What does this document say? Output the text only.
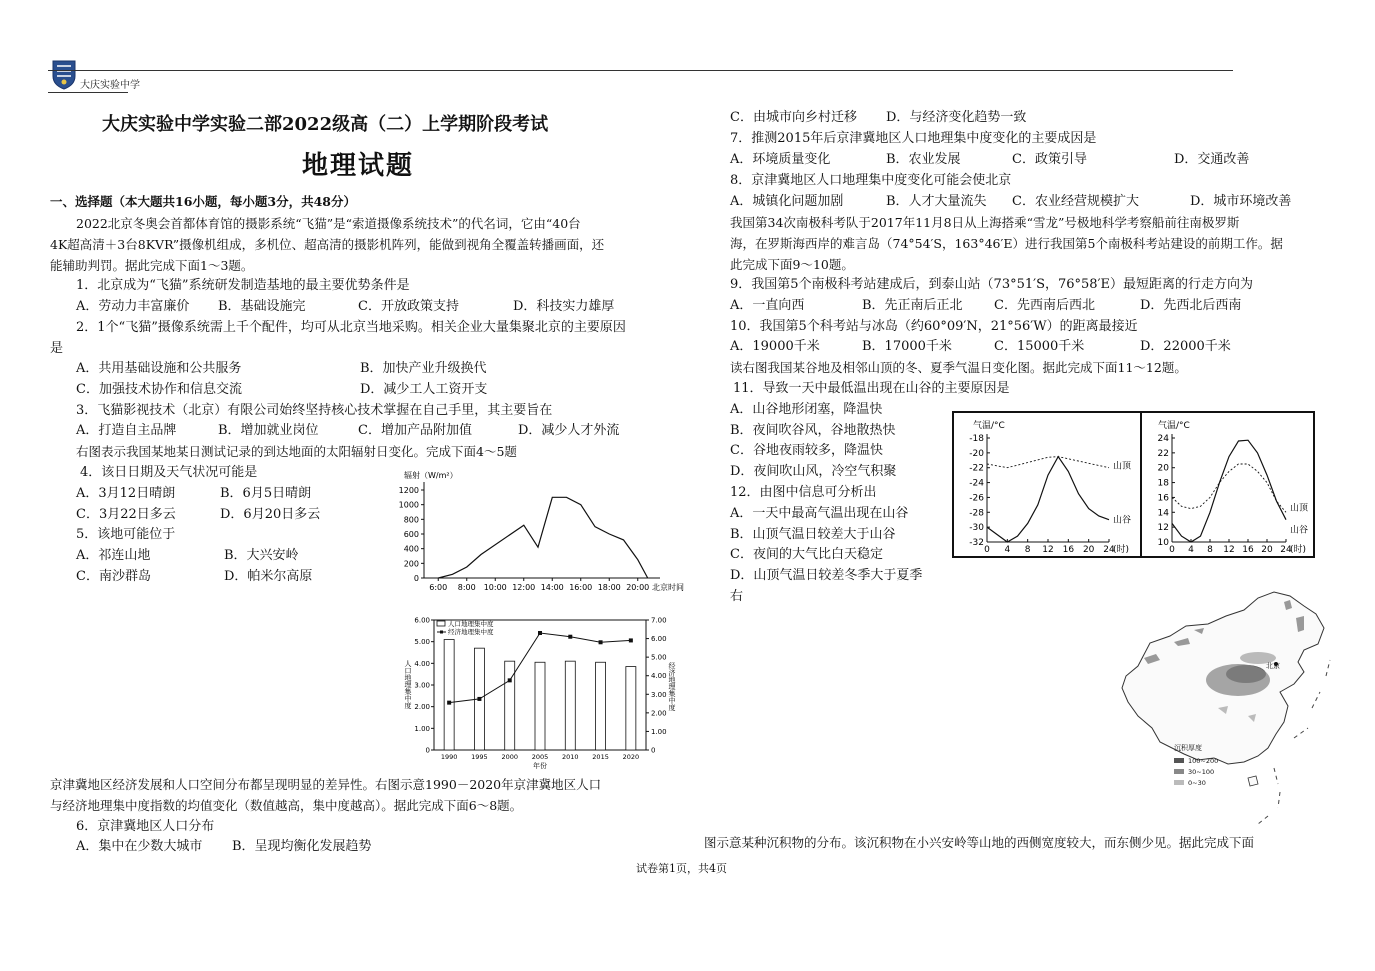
大庆实验中学
大庆实验中学实验二部2022级高（二）上学期阶段考试
地理试题
一、选择题（本大题共16小题，每小题3分，共48分）
2022北京冬奥会首都体育馆的摄影系统“飞猫”是“索道摄像系统技术”的代名词，它由“40台
4K超高清＋3台8KVR”摄像机组成，多机位、超高清的摄影机阵列，能做到视角全覆盖转播画面，还
能辅助判罚。据此完成下面1～3题。
1．北京成为“飞猫”系统研发制造基地的最主要优势条件是
A．劳动力丰富廉价 B．基础设施完	C．开放政策支持	D．科技实力雄厚
2．1个“飞猫”摄像系统需上千个配件，均可从北京当地采购。相关企业大量集聚北京的主要原因
是
A．共用基础设施和公共服务	B．加快产业升级换代
C．加强技术协作和信息交流	D．减少工人工资开支
3．飞猫影视技术（北京）有限公司始终坚持核心技术掌握在自己手里，其主要旨在
A．打造自主品牌	B．增加就业岗位	C．增加产品附加值	D．减少人才外流
右图表示我国某地某日测试记录的到达地面的太阳辐射日变化。完成下面4～5题
4．该日日期及天气状况可能是
A．3月12日晴朗	B．6月5日晴朗
C．3月22日多云	D．6月20日多云
5．该地可能位于
A．祁连山地	B．大兴安岭
C．南沙群岛	D．帕米尔高原	0
200
400
600
800
1000
1200
6:00 8:00 10:00 12:00 14:00 16:00 18:00 20:00 北京时间
辐射（W/m²）
0
1.00
2.00
3.00
4.00
5.00
6.00
0
1.00
2.00
3.00
4.00
5.00
6.00
7.00
1990 1995 2000 2005 2010 2015 2020
年份
人口地理集中度
经济地理集中度
人口地理集中度	经济地理集中度
京津冀地区经济发展和人口空间分布都呈现明显的差异性。右图示意1990－2020年京津冀地区人口
与经济地理集中度指数的均值变化（数值越高，集中度越高）。据此完成下面6～8题。
6．京津冀地区人口分布
A．集中在少数大城市 B．呈现均衡化发展趋势
C．由城市向乡村迁移 D．与经济变化趋势一致
7．推测2015年后京津冀地区人口地理集中度变化的主要成因是
A．环境质量变化	B．农业发展	C．政策引导	D．交通改善
8．京津冀地区人口地理集中度变化可能会使北京
A．城镇化问题加剧	B．人才大量流失 C．农业经营规模扩大	D．城市环境改善
我国第34次南极科考队于2017年11月8日从上海搭乘“雪龙”号极地科学考察船前往南极罗斯
海，在罗斯海西岸的难言岛（74°54′S，163°46′E）进行我国第5个南极科考站建设的前期工作。据
此完成下面9～10题。
9．我国第5个南极科考站建成后，到泰山站（73°51′S，76°58′E）最短距离的行走方向为
A．一直向西	B．先正南后正北 C．先西南后西北	D．先西北后西南
10．我国第5个科考站与冰岛（约60°09′N，21°56′W）的距离最接近
A．19000千米	B．17000千米	C．15000千米	D．22000千米
读右图我国某谷地及相邻山顶的冬、夏季气温日变化图。据此完成下面11～12题。
11．导致一天中最低温出现在山谷的主要原因是
A．山谷地形闭塞，降温快
B．夜间吹谷风，谷地散热快
C．谷地夜雨较多，降温快
D．夜间吹山风，冷空气积聚
12．由图中信息可分析出
A．一天中最高气温出现在山谷
B．山顶气温日较差大于山谷
C．夜间的大气比白天稳定
D．山顶气温日较差冬季大于夏季
右
气温/°C
-18
-20
-22
-24
-26
-28
-30
-32
0 4 8 12 16 20 24
(时)
山顶
山谷
气温/°C
24
22
20
18
16
14
12
10
0 4 8 12 16 20 24
(时)
山顶
山谷
北京
沉积厚度
100~200
30~100
0~30
图示意某种沉积物的分布。该沉积物在小兴安岭等山地的西侧宽度较大，而东侧少见。据此完成下面
试卷第1页，共4页
